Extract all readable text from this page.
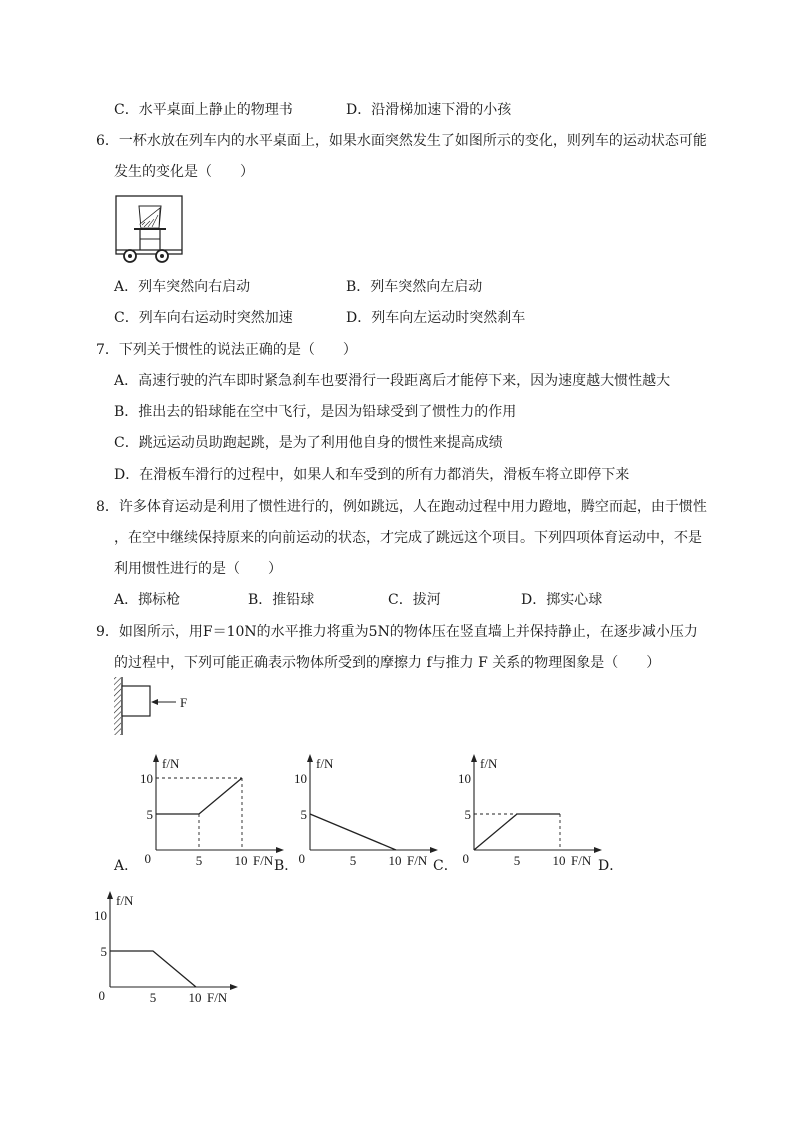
C．水平桌面上静止的物理书	D．沿滑梯加速下滑的小孩
6．一杯水放在列车内的水平桌面上，如果水面突然发生了如图所示的变化，则列车的运动状态可能
发生的变化是（　　）
A．列车突然向右启动	B．列车突然向左启动
C．列车向右运动时突然加速	D．列车向左运动时突然刹车
7．下列关于惯性的说法正确的是（　　）
A．高速行驶的汽车即时紧急刹车也要滑行一段距离后才能停下来，因为速度越大惯性越大
B．推出去的铅球能在空中飞行，是因为铅球受到了惯性力的作用
C．跳远运动员助跑起跳，是为了利用他自身的惯性来提高成绩
D．在滑板车滑行的过程中，如果人和车受到的所有力都消失，滑板车将立即停下来
8．许多体育运动是利用了惯性进行的，例如跳远，人在跑动过程中用力蹬地，腾空而起，由于惯性
，在空中继续保持原来的向前运动的状态，才完成了跳远这个项目。下列四项体育运动中，不是
利用惯性进行的是（　　）
A．掷标枪	B．推铅球	C．拔河	D．掷实心球
9．如图所示，用F＝10N的水平推力将重为5N的物体压在竖直墙上并保持静止，在逐步减小压力
的过程中，下列可能正确表示物体所受到的摩擦力 f与推力 F 关系的物理图象是（　　）
F
f/N
10
5
0	5 10 F/N
A．
f/N
10
5
0	5 10 F/N
B．
f/N
10
5
0	5 10 F/N
C．
f/N
10
5
0	5 10 F/N
D．
